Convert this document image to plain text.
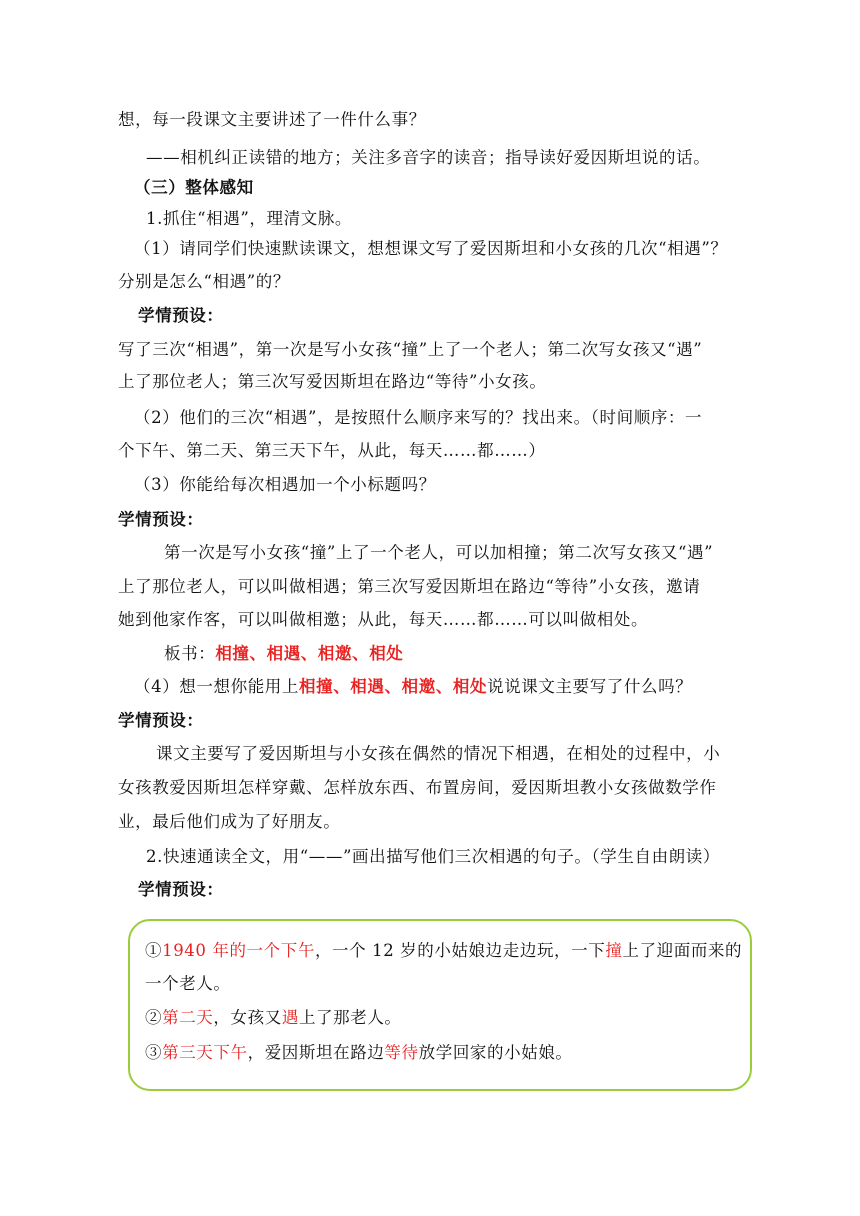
想，每一段课文主要讲述了一件什么事？
——相机纠正读错的地方；关注多音字的读音；指导读好爱因斯坦说的话。
（三）整体感知
1.抓住“相遇”，理清文脉。
（1）请同学们快速默读课文，想想课文写了爱因斯坦和小女孩的几次“相遇”？
分别是怎么“相遇”的？
学情预设：
写了三次“相遇”，第一次是写小女孩“撞”上了一个老人；第二次写女孩又“遇”
上了那位老人；第三次写爱因斯坦在路边“等待”小女孩。
（2）他们的三次“相遇”，是按照什么顺序来写的？找出来。（时间顺序：一
个下午、第二天、第三天下午，从此，每天……都……）
（3）你能给每次相遇加一个小标题吗？
学情预设：
第一次是写小女孩“撞”上了一个老人，可以加相撞；第二次写女孩又“遇”
上了那位老人，可以叫做相遇；第三次写爱因斯坦在路边“等待”小女孩，邀请
她到他家作客，可以叫做相邀；从此，每天……都……可以叫做相处。
板书：相撞、相遇、相邀、相处
（4）想一想你能用上相撞、相遇、相邀、相处说说课文主要写了什么吗？
学情预设：
课文主要写了爱因斯坦与小女孩在偶然的情况下相遇，在相处的过程中，小
女孩教爱因斯坦怎样穿戴、怎样放东西、布置房间，爱因斯坦教小女孩做数学作
业，最后他们成为了好朋友。
2.快速通读全文，用“——”画出描写他们三次相遇的句子。（学生自由朗读）
学情预设：
①1940 年的一个下午，一个 12 岁的小姑娘边走边玩，一下撞上了迎面而来的
一个老人。
②第二天，女孩又遇上了那老人。
③第三天下午，爱因斯坦在路边等待放学回家的小姑娘。
